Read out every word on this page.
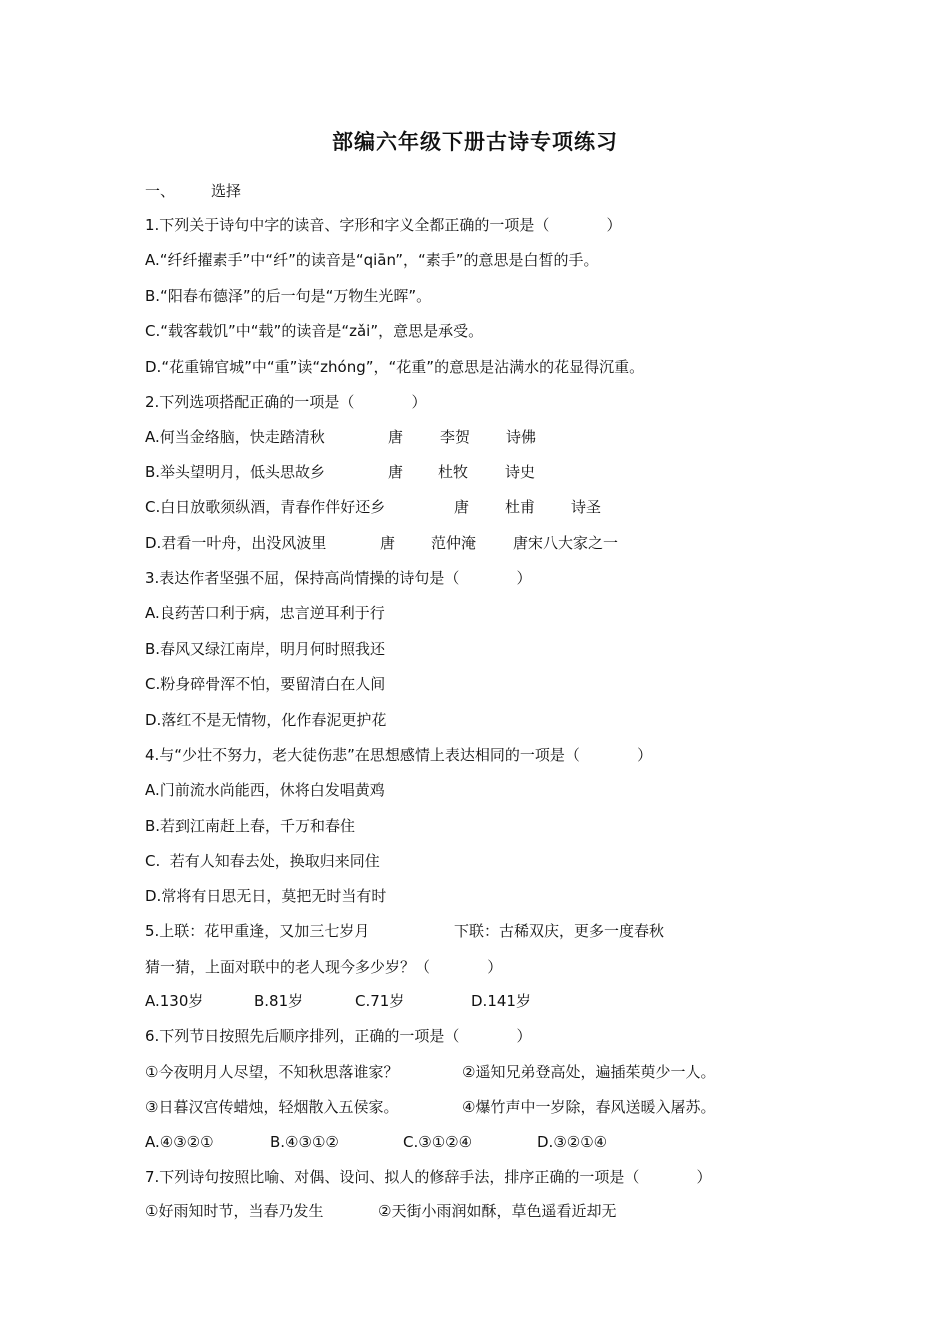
部编六年级下册古诗专项练习
一、 选择
1.下列关于诗句中字的读音、字形和字义全都正确的一项是（            ）
A.“纤纤擢素手”中“纤”的读音是“qiān”，“素手”的意思是白皙的手。
B.“阳春布德泽”的后一句是“万物生光晖”。
C.“载客载饥”中“载”的读音是“zǎi”，意思是承受。
D.“花重锦官城”中“重”读“zhóng”，“花重”的意思是沾满水的花显得沉重。
2.下列选项搭配正确的一项是（            ）
A.何当金络脑，快走踏清秋	唐 李贺 诗佛
B.举头望明月，低头思故乡	唐 杜牧 诗史
C.白日放歌须纵酒，青春作伴好还乡	唐 杜甫 诗圣
D.君看一叶舟，出没风波里	唐 范仲淹 唐宋八大家之一
3.表达作者坚强不屈，保持高尚情操的诗句是（            ）
A.良药苦口利于病，忠言逆耳利于行
B.春风又绿江南岸，明月何时照我还
C.粉身碎骨浑不怕，要留清白在人间
D.落红不是无情物，化作春泥更护花
4.与“少壮不努力，老大徒伤悲”在思想感情上表达相同的一项是（            ）
A.门前流水尚能西，休将白发唱黄鸡
B.若到江南赶上春，千万和春住
C.  若有人知春去处，换取归来同住
D.常将有日思无日，莫把无时当有时
5.上联：花甲重逢，又加三七岁月	下联：古稀双庆，更多一度春秋
猜一猜，上面对联中的老人现今多少岁？（            ）
A.130岁	B.81岁	C.71岁	D.141岁
6.下列节日按照先后顺序排列，正确的一项是（            ）
①今夜明月人尽望，不知秋思落谁家？	②遥知兄弟登高处，遍插茱萸少一人。
③日暮汉宫传蜡烛，轻烟散入五侯家。	④爆竹声中一岁除，春风送暖入屠苏。
A.④③②①	B.④③①②	C.③①②④	D.③②①④
7.下列诗句按照比喻、对偶、设问、拟人的修辞手法，排序正确的一项是（            ）
①好雨知时节，当春乃发生	②天街小雨润如酥，草色遥看近却无
